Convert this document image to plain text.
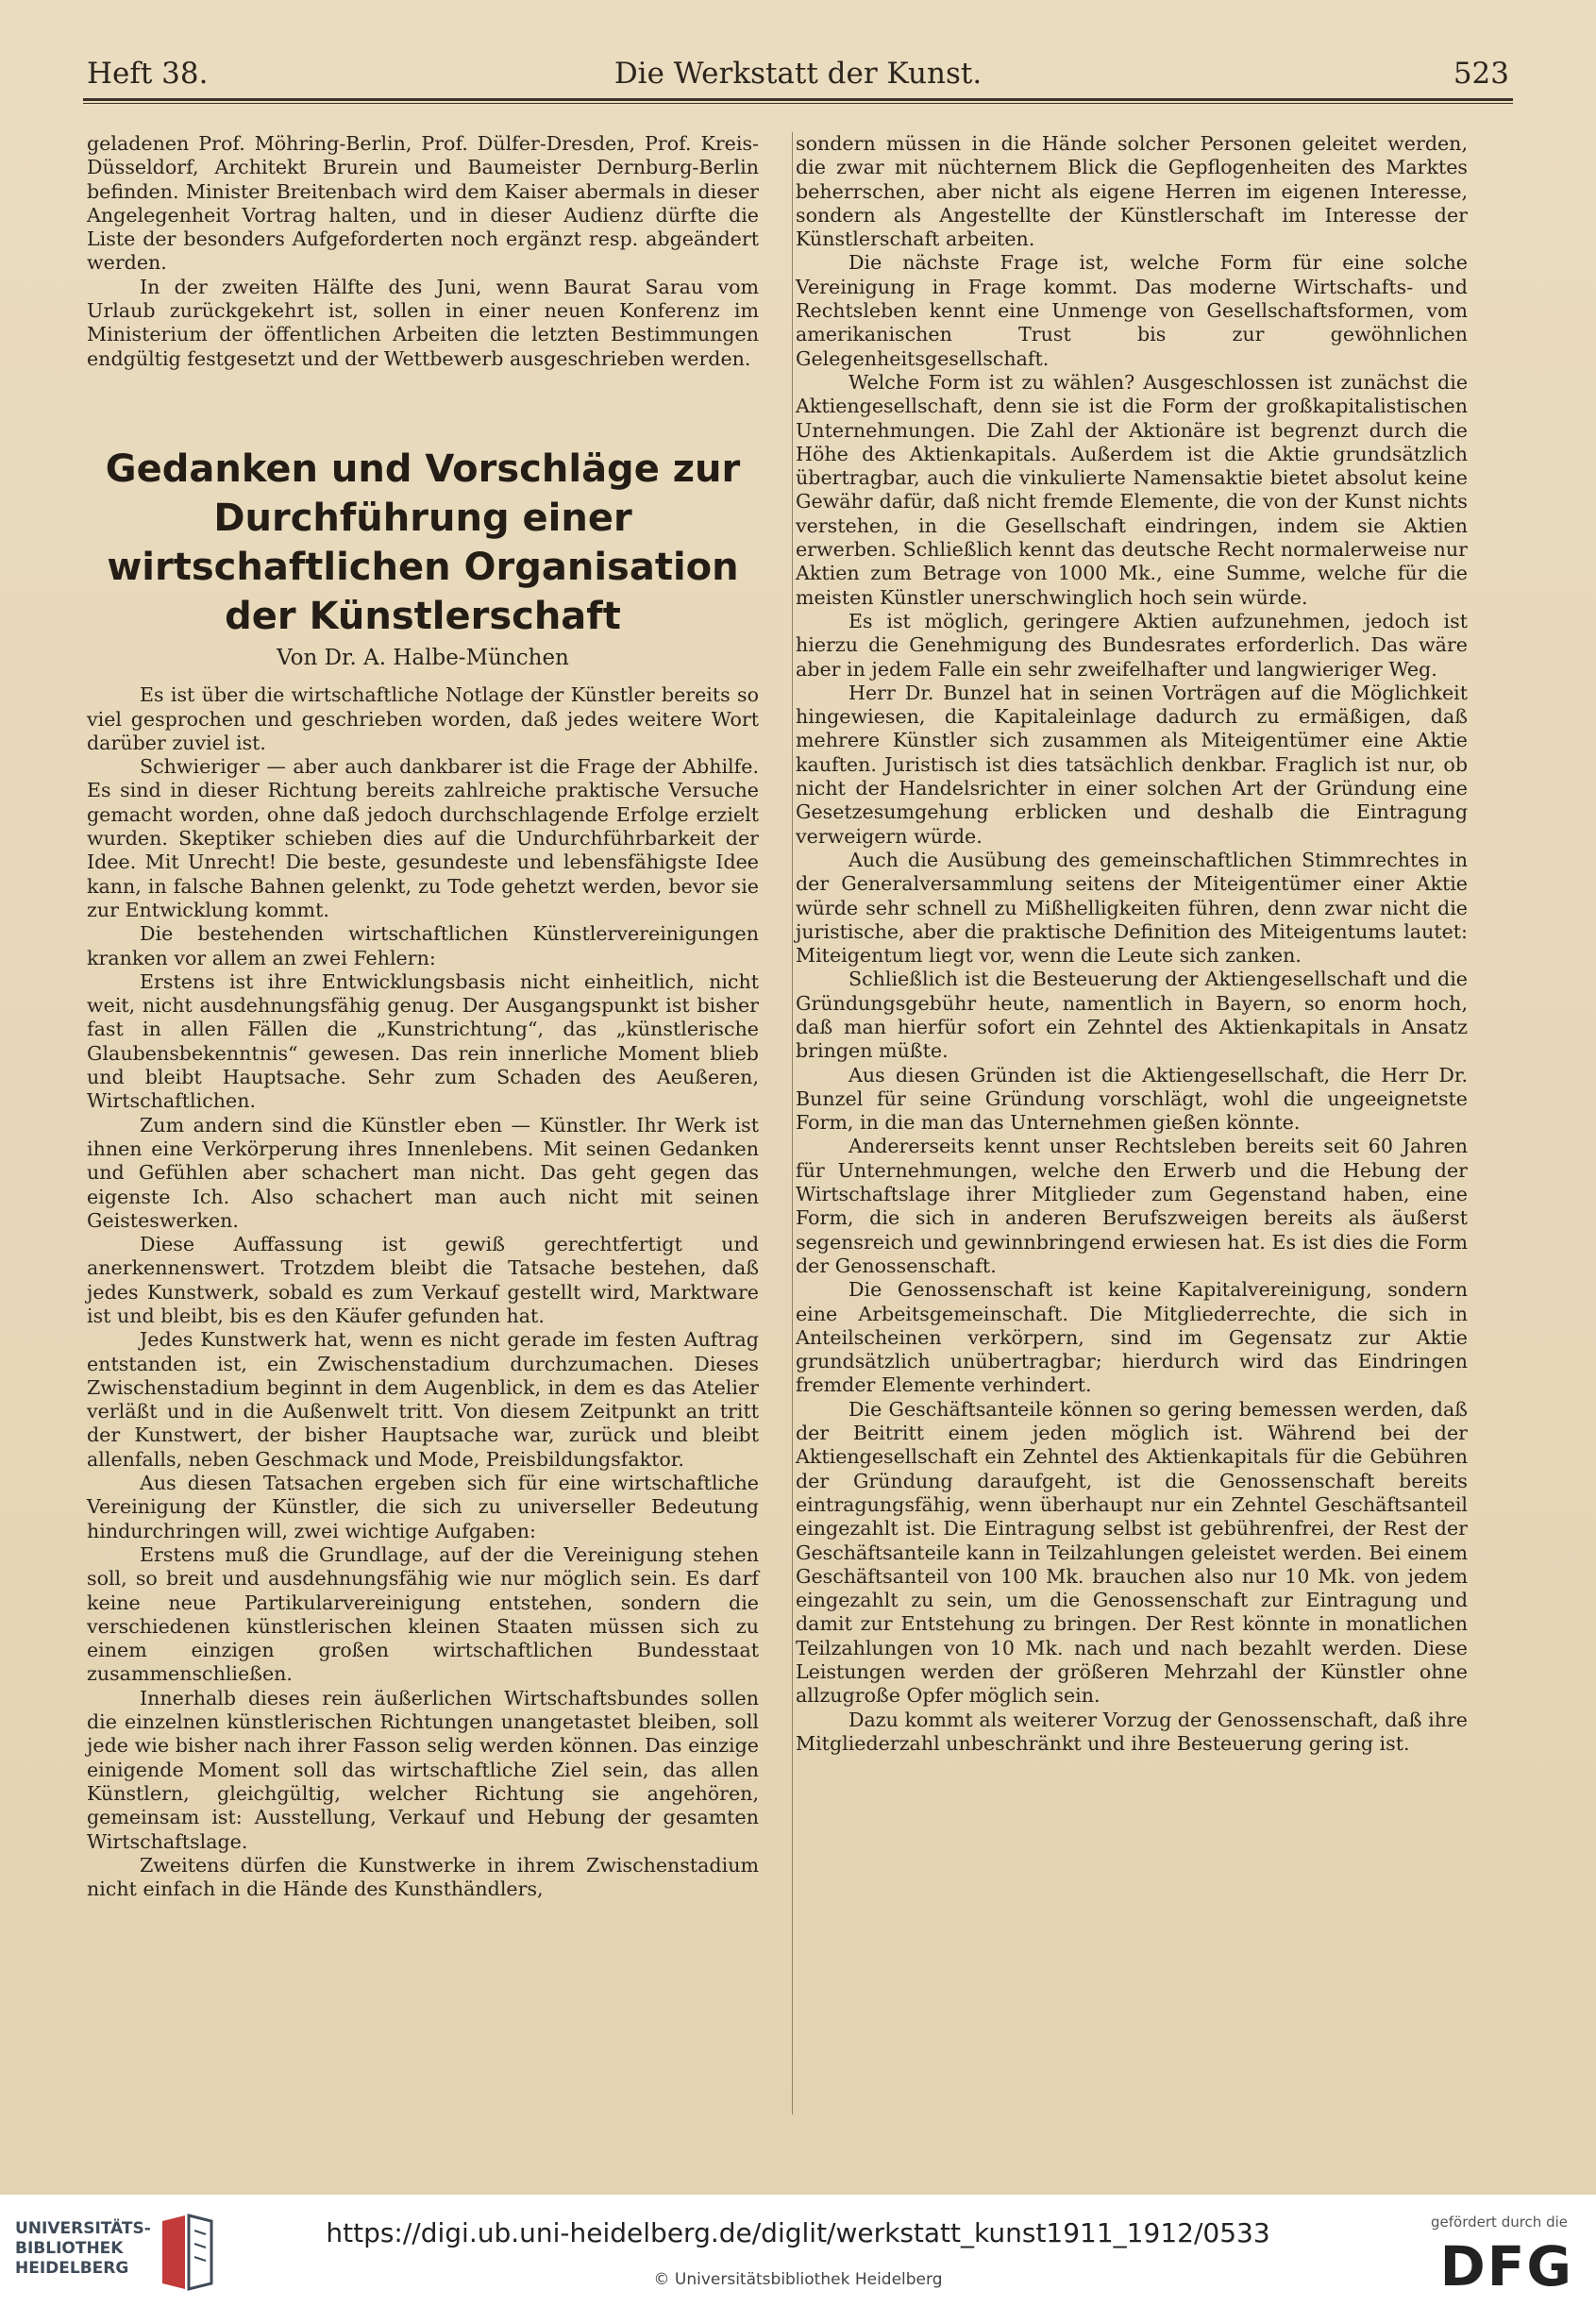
Heft 38.	Die Werkstatt der Kunst.	523

geladenen Prof. Möhring-Berlin, Prof. Dülfer-Dresden, Prof. Kreis-Düsseldorf, Architekt Brurein und Baumeister Dernburg-Berlin befinden. Minister Breitenbach wird dem Kaiser abermals in dieser Angelegenheit Vortrag halten, und in dieser Audienz dürfte die Liste der besonders Aufgeforderten noch ergänzt resp. abgeändert werden.

In der zweiten Hälfte des Juni, wenn Baurat Sarau vom Urlaub zurückgekehrt ist, sollen in einer neuen Konferenz im Ministerium der öffentlichen Arbeiten die letzten Bestimmungen endgültig festgesetzt und der Wettbewerb ausgeschrieben werden.

Gedanken und Vorschläge zur Durchführung einer wirtschaftlichen Organisation der Künstlerschaft
Von Dr. A. Halbe-München

Es ist über die wirtschaftliche Notlage der Künstler bereits so viel gesprochen und geschrieben worden, daß jedes weitere Wort darüber zuviel ist.

Schwieriger — aber auch dankbarer ist die Frage der Abhilfe. Es sind in dieser Richtung bereits zahlreiche praktische Versuche gemacht worden, ohne daß jedoch durchschlagende Erfolge erzielt wurden. Skeptiker schieben dies auf die Undurchführbarkeit der Idee. Mit Unrecht! Die beste, gesundeste und lebensfähigste Idee kann, in falsche Bahnen gelenkt, zu Tode gehetzt werden, bevor sie zur Entwicklung kommt.

Die bestehenden wirtschaftlichen Künstlervereinigungen kranken vor allem an zwei Fehlern:

Erstens ist ihre Entwicklungsbasis nicht einheitlich, nicht weit, nicht ausdehnungsfähig genug. Der Ausgangspunkt ist bisher fast in allen Fällen die „Kunstrichtung“, das „künstlerische Glaubensbekenntnis“ gewesen. Das rein innerliche Moment blieb und bleibt Hauptsache. Sehr zum Schaden des Aeußeren, Wirtschaftlichen.

Zum andern sind die Künstler eben — Künstler. Ihr Werk ist ihnen eine Verkörperung ihres Innenlebens. Mit seinen Gedanken und Gefühlen aber schachert man nicht. Das geht gegen das eigenste Ich. Also schachert man auch nicht mit seinen Geisteswerken.

Diese Auffassung ist gewiß gerechtfertigt und anerkennenswert. Trotzdem bleibt die Tatsache bestehen, daß jedes Kunstwerk, sobald es zum Verkauf gestellt wird, Marktware ist und bleibt, bis es den Käufer gefunden hat.

Jedes Kunstwerk hat, wenn es nicht gerade im festen Auftrag entstanden ist, ein Zwischenstadium durchzumachen. Dieses Zwischenstadium beginnt in dem Augenblick, in dem es das Atelier verläßt und in die Außenwelt tritt. Von diesem Zeitpunkt an tritt der Kunstwert, der bisher Hauptsache war, zurück und bleibt allenfalls, neben Geschmack und Mode, Preisbildungsfaktor.

Aus diesen Tatsachen ergeben sich für eine wirtschaftliche Vereinigung der Künstler, die sich zu universeller Bedeutung hindurchringen will, zwei wichtige Aufgaben:

Erstens muß die Grundlage, auf der die Vereinigung stehen soll, so breit und ausdehnungsfähig wie nur möglich sein. Es darf keine neue Partikularvereinigung entstehen, sondern die verschiedenen künstlerischen kleinen Staaten müssen sich zu einem einzigen großen wirtschaftlichen Bundesstaat zusammenschließen.

Innerhalb dieses rein äußerlichen Wirtschaftsbundes sollen die einzelnen künstlerischen Richtungen unangetastet bleiben, soll jede wie bisher nach ihrer Fasson selig werden können. Das einzige einigende Moment soll das wirtschaftliche Ziel sein, das allen Künstlern, gleichgültig, welcher Richtung sie angehören, gemeinsam ist: Ausstellung, Verkauf und Hebung der gesamten Wirtschaftslage.

Zweitens dürfen die Kunstwerke in ihrem Zwischenstadium nicht einfach in die Hände des Kunsthändlers,

sondern müssen in die Hände solcher Personen geleitet werden, die zwar mit nüchternem Blick die Gepflogenheiten des Marktes beherrschen, aber nicht als eigene Herren im eigenen Interesse, sondern als Angestellte der Künstlerschaft im Interesse der Künstlerschaft arbeiten.

Die nächste Frage ist, welche Form für eine solche Vereinigung in Frage kommt. Das moderne Wirtschafts- und Rechtsleben kennt eine Unmenge von Gesellschaftsformen, vom amerikanischen Trust bis zur gewöhnlichen Gelegenheitsgesellschaft.

Welche Form ist zu wählen? Ausgeschlossen ist zunächst die Aktiengesellschaft, denn sie ist die Form der großkapitalistischen Unternehmungen. Die Zahl der Aktionäre ist begrenzt durch die Höhe des Aktienkapitals. Außerdem ist die Aktie grundsätzlich übertragbar, auch die vinkulierte Namensaktie bietet absolut keine Gewähr dafür, daß nicht fremde Elemente, die von der Kunst nichts verstehen, in die Gesellschaft eindringen, indem sie Aktien erwerben. Schließlich kennt das deutsche Recht normalerweise nur Aktien zum Betrage von 1000 Mk., eine Summe, welche für die meisten Künstler unerschwinglich hoch sein würde.

Es ist möglich, geringere Aktien aufzunehmen, jedoch ist hierzu die Genehmigung des Bundesrates erforderlich. Das wäre aber in jedem Falle ein sehr zweifelhafter und langwieriger Weg.

Herr Dr. Bunzel hat in seinen Vorträgen auf die Möglichkeit hingewiesen, die Kapitaleinlage dadurch zu ermäßigen, daß mehrere Künstler sich zusammen als Miteigentümer eine Aktie kauften. Juristisch ist dies tatsächlich denkbar. Fraglich ist nur, ob nicht der Handelsrichter in einer solchen Art der Gründung eine Gesetzesumgehung erblicken und deshalb die Eintragung verweigern würde.

Auch die Ausübung des gemeinschaftlichen Stimmrechtes in der Generalversammlung seitens der Miteigentümer einer Aktie würde sehr schnell zu Mißhelligkeiten führen, denn zwar nicht die juristische, aber die praktische Definition des Miteigentums lautet: Miteigentum liegt vor, wenn die Leute sich zanken.

Schließlich ist die Besteuerung der Aktiengesellschaft und die Gründungsgebühr heute, namentlich in Bayern, so enorm hoch, daß man hierfür sofort ein Zehntel des Aktienkapitals in Ansatz bringen müßte.

Aus diesen Gründen ist die Aktiengesellschaft, die Herr Dr. Bunzel für seine Gründung vorschlägt, wohl die ungeeignetste Form, in die man das Unternehmen gießen könnte.

Andererseits kennt unser Rechtsleben bereits seit 60 Jahren für Unternehmungen, welche den Erwerb und die Hebung der Wirtschaftslage ihrer Mitglieder zum Gegenstand haben, eine Form, die sich in anderen Berufszweigen bereits als äußerst segensreich und gewinnbringend erwiesen hat. Es ist dies die Form der Genossenschaft.

Die Genossenschaft ist keine Kapitalvereinigung, sondern eine Arbeitsgemeinschaft. Die Mitgliederrechte, die sich in Anteilscheinen verkörpern, sind im Gegensatz zur Aktie grundsätzlich unübertragbar; hierdurch wird das Eindringen fremder Elemente verhindert.

Die Geschäftsanteile können so gering bemessen werden, daß der Beitritt einem jeden möglich ist. Während bei der Aktiengesellschaft ein Zehntel des Aktienkapitals für die Gebühren der Gründung daraufgeht, ist die Genossenschaft bereits eintragungsfähig, wenn überhaupt nur ein Zehntel Geschäftsanteil eingezahlt ist. Die Eintragung selbst ist gebührenfrei, der Rest der Geschäftsanteile kann in Teilzahlungen geleistet werden. Bei einem Geschäftsanteil von 100 Mk. brauchen also nur 10 Mk. von jedem eingezahlt zu sein, um die Genossenschaft zur Eintragung und damit zur Entstehung zu bringen. Der Rest könnte in monatlichen Teilzahlungen von 10 Mk. nach und nach bezahlt werden. Diese Leistungen werden der größeren Mehrzahl der Künstler ohne allzugroße Opfer möglich sein.

Dazu kommt als weiterer Vorzug der Genossenschaft, daß ihre Mitgliederzahl unbeschränkt und ihre Besteuerung gering ist.

UNIVERSITÄTS-
BIBLIOTHEK
HEIDELBERG
https://digi.ub.uni-heidelberg.de/diglit/werkstatt_kunst1911_1912/0533
© Universitätsbibliothek Heidelberg
gefördert durch die
DFG
